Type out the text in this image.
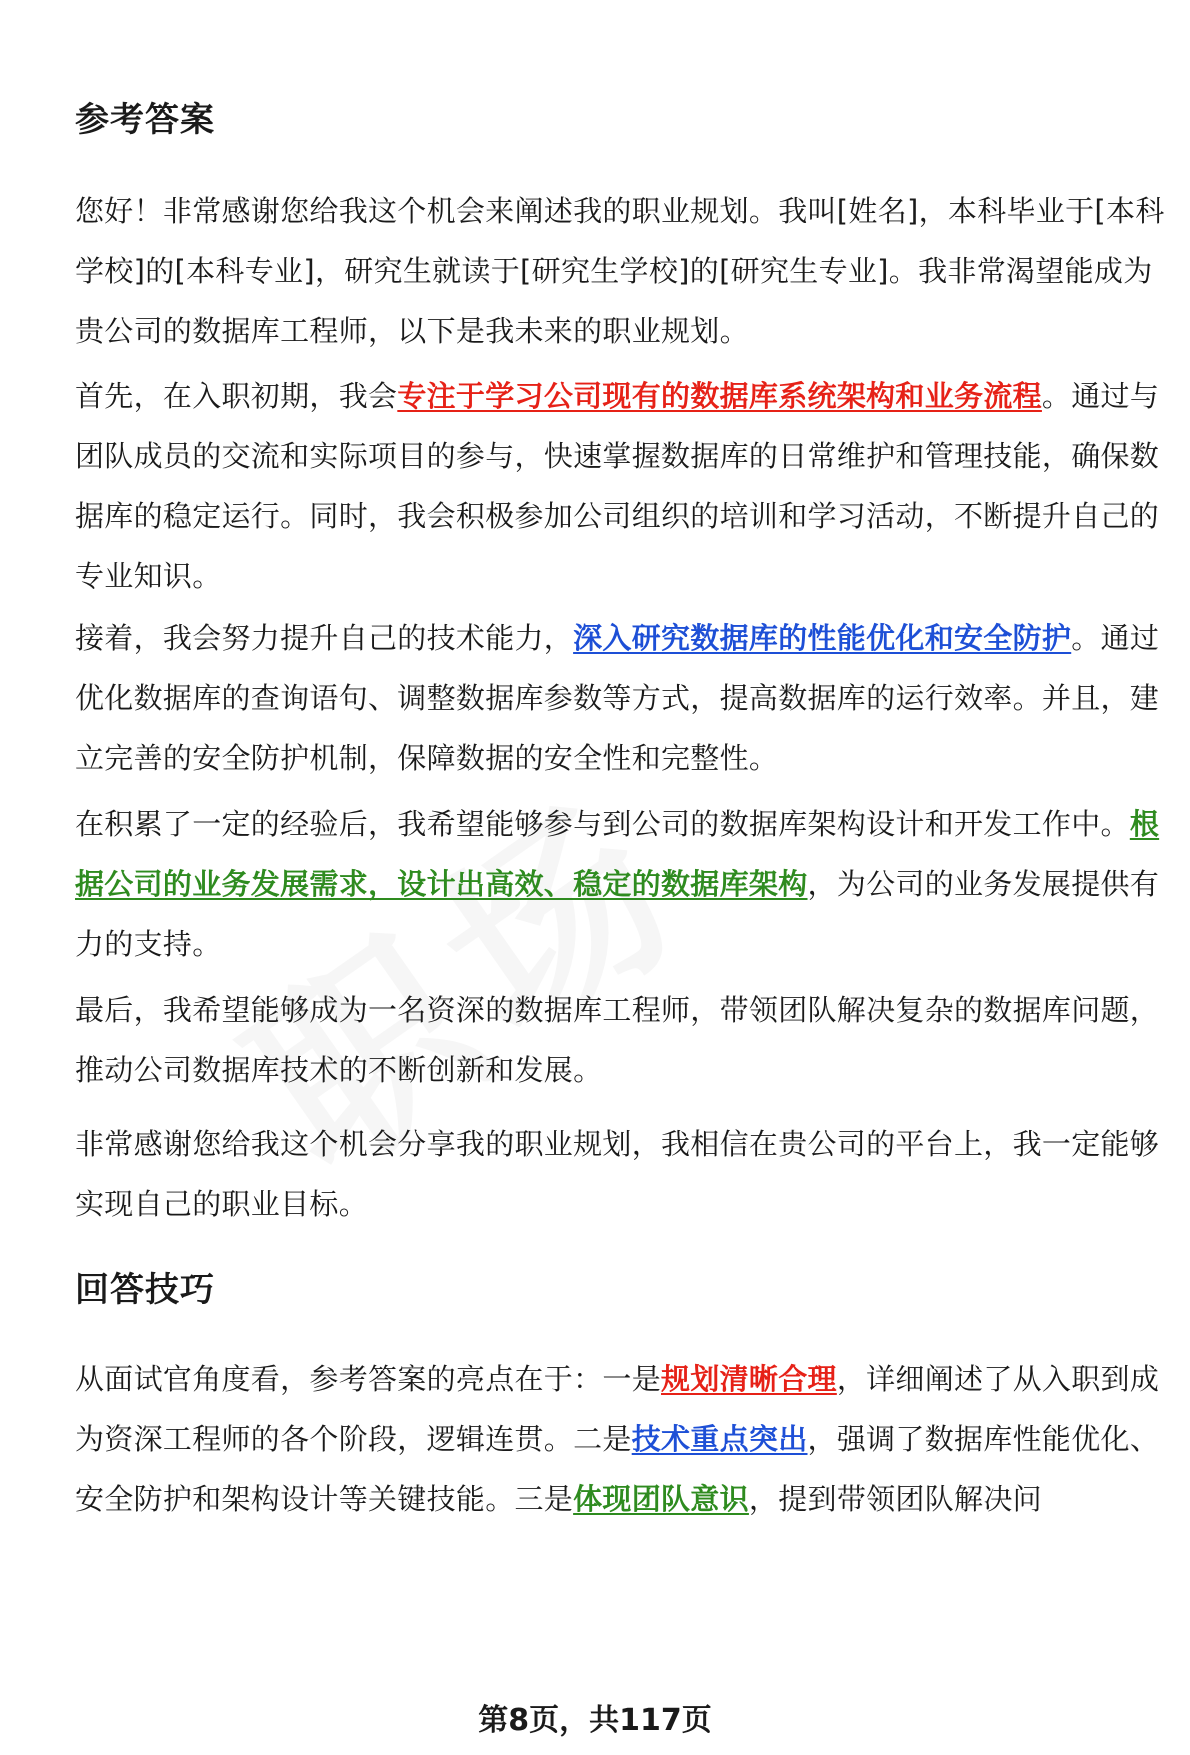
参考答案

您好！非常感谢您给我这个机会来阐述我的职业规划。我叫[姓名]，本科毕业于[本科学校]的[本科专业]，研究生就读于[研究生学校]的[研究生专业]。我非常渴望能成为贵公司的数据库工程师，以下是我未来的职业规划。

首先，在入职初期，我会专注于学习公司现有的数据库系统架构和业务流程。通过与团队成员的交流和实际项目的参与，快速掌握数据库的日常维护和管理技能，确保数据库的稳定运行。同时，我会积极参加公司组织的培训和学习活动，不断提升自己的专业知识。

接着，我会努力提升自己的技术能力，深入研究数据库的性能优化和安全防护。通过优化数据库的查询语句、调整数据库参数等方式，提高数据库的运行效率。并且，建立完善的安全防护机制，保障数据的安全性和完整性。

在积累了一定的经验后，我希望能够参与到公司的数据库架构设计和开发工作中。根据公司的业务发展需求，设计出高效、稳定的数据库架构，为公司的业务发展提供有力的支持。

最后，我希望能够成为一名资深的数据库工程师，带领团队解决复杂的数据库问题，推动公司数据库技术的不断创新和发展。

非常感谢您给我这个机会分享我的职业规划，我相信在贵公司的平台上，我一定能够实现自己的职业目标。

回答技巧

从面试官角度看，参考答案的亮点在于：一是规划清晰合理，详细阐述了从入职到成为资深工程师的各个阶段，逻辑连贯。二是技术重点突出，强调了数据库性能优化、安全防护和架构设计等关键技能。三是体现团队意识，提到带领团队解决问

第8页，共117页
